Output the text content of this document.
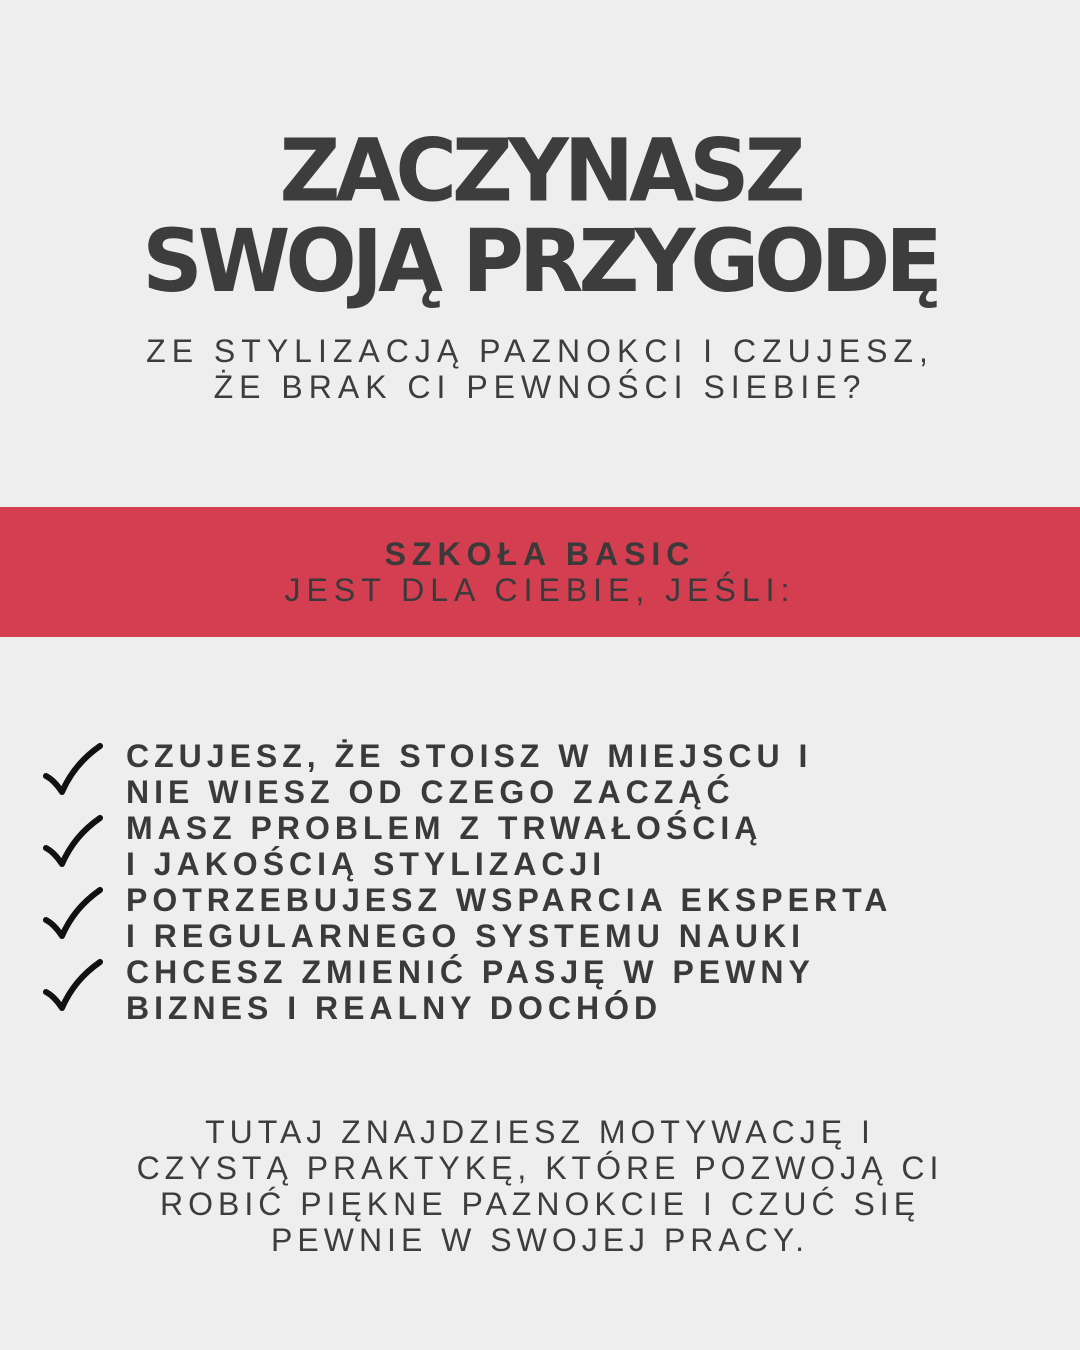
ZACZYNASZ
SWOJĄ PRZYGODĘ
ZE STYLIZACJĄ PAZNOKCI I CZUJESZ,
ŻE BRAK CI PEWNOŚCI SIEBIE?
SZKOŁA BASIC
JEST DLA CIEBIE, JEŚLI:
CZUJESZ, ŻE STOISZ W MIEJSCU I
NIE WIESZ OD CZEGO ZACZĄĆ
MASZ PROBLEM Z TRWAŁOŚCIĄ
I JAKOŚCIĄ STYLIZACJI
POTRZEBUJESZ WSPARCIA EKSPERTA
I REGULARNEGO SYSTEMU NAUKI
CHCESZ ZMIENIĆ PASJĘ W PEWNY
BIZNES I REALNY DOCHÓD
TUTAJ ZNAJDZIESZ MOTYWACJĘ I
CZYSTĄ PRAKTYKĘ, KTÓRE POZWOJĄ CI
ROBIĆ PIĘKNE PAZNOKCIE I CZUĆ SIĘ
PEWNIE W SWOJEJ PRACY.
